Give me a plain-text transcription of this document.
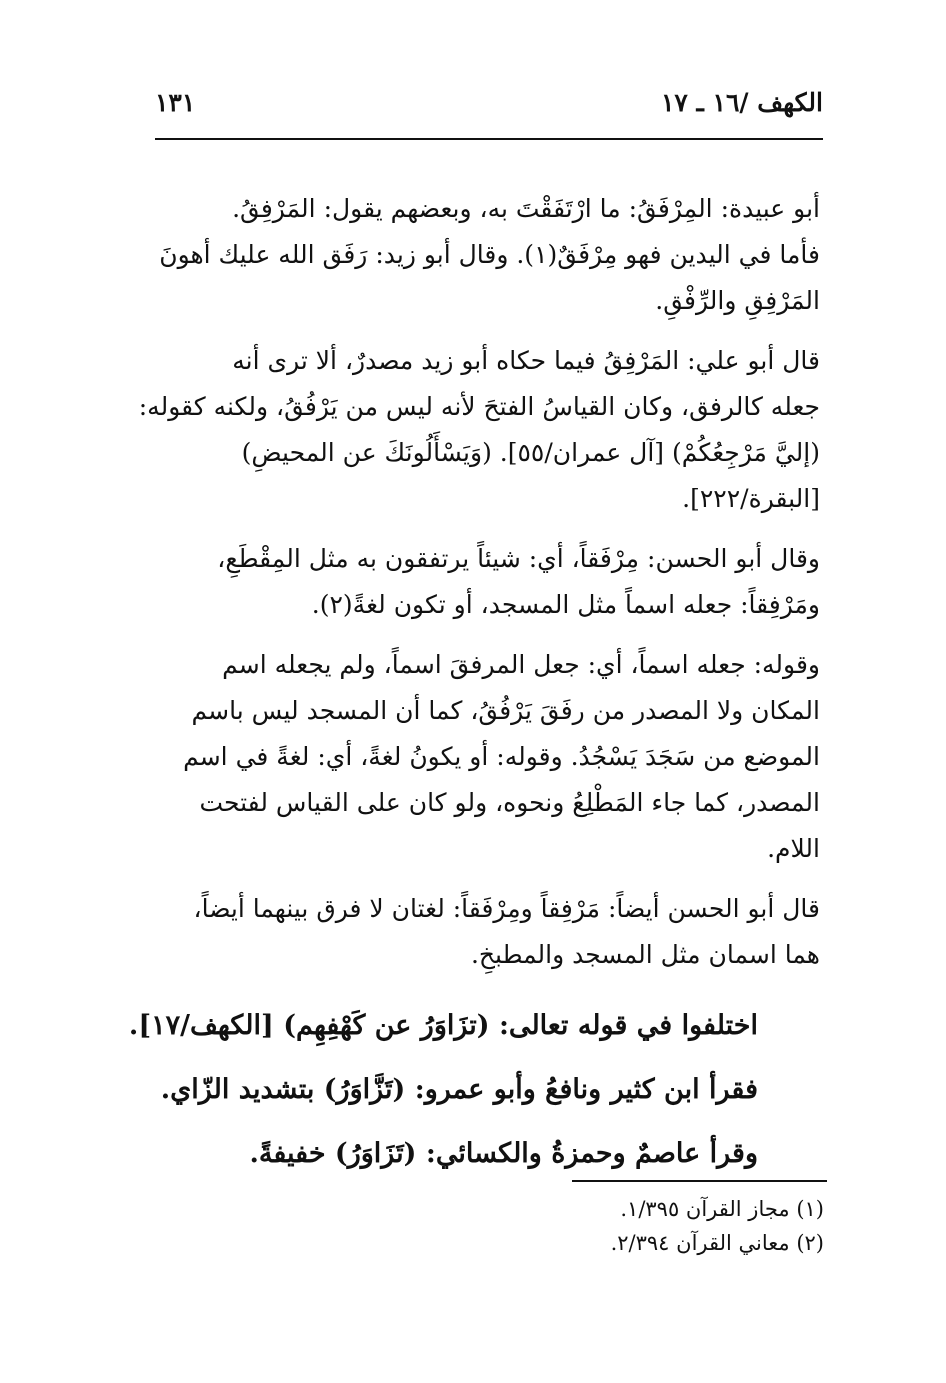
الكهف /١٦ ـ ١٧
١٣١
أبو عبيدة: المِرْفَقُ: ما ارْتَفَقْتَ به، وبعضهم يقول: المَرْفِقُ.
فأما في اليدين فهو مِرْفَقٌ(١). وقال أبو زيد: رَفَق الله عليك أهونَ
المَرْفِقِ والرِّفْقِ.
قال أبو علي: المَرْفِقُ فيما حكاه أبو زيد مصدرٌ، ألا ترى أنه
جعله كالرفق، وكان القياسُ الفتحَ لأنه ليس من يَرْفُقُ، ولكنه كقوله:
(إليَّ مَرْجِعُكُمْ) [آل عمران/٥٥]. (وَيَسْأَلُونَكَ عن المحيضِ)
[البقرة/٢٢٢].
وقال أبو الحسن: مِرْفَقاً، أي: شيئاً يرتفقون به مثل المِقْطَعِ،
ومَرْفِقاً: جعله اسماً مثل المسجد، أو تكون لغةً(٢).
وقوله: جعله اسماً، أي: جعل المرفقَ اسماً، ولم يجعله اسم
المكان ولا المصدر من رفَقَ يَرْفُقُ، كما أن المسجد ليس باسم
الموضع من سَجَدَ يَسْجُدُ. وقوله: أو يكونُ لغةً، أي: لغةً في اسم
المصدر، كما جاء المَطْلِعُ ونحوه، ولو كان على القياس لفتحت
اللام.
قال أبو الحسن أيضاً: مَرْفِقاً ومِرْفَقاً: لغتان لا فرق بينهما أيضاً،
هما اسمان مثل المسجد والمطبخِ.
اختلفوا في قوله تعالى: (تزَاوَرُ عن كَهْفِهِم) [الكهف/١٧].
فقرأ ابن كثير ونافعُ وأبو عمرو: (تَزَّاوَرُ) بتشديد الزّاي.
وقرأ عاصمٌ وحمزةُ والكسائي: (تَزَاوَرُ) خفيفةً.
(١) مجاز القرآن ١/٣٩٥.
(٢) معاني القرآن ٢/٣٩٤.
